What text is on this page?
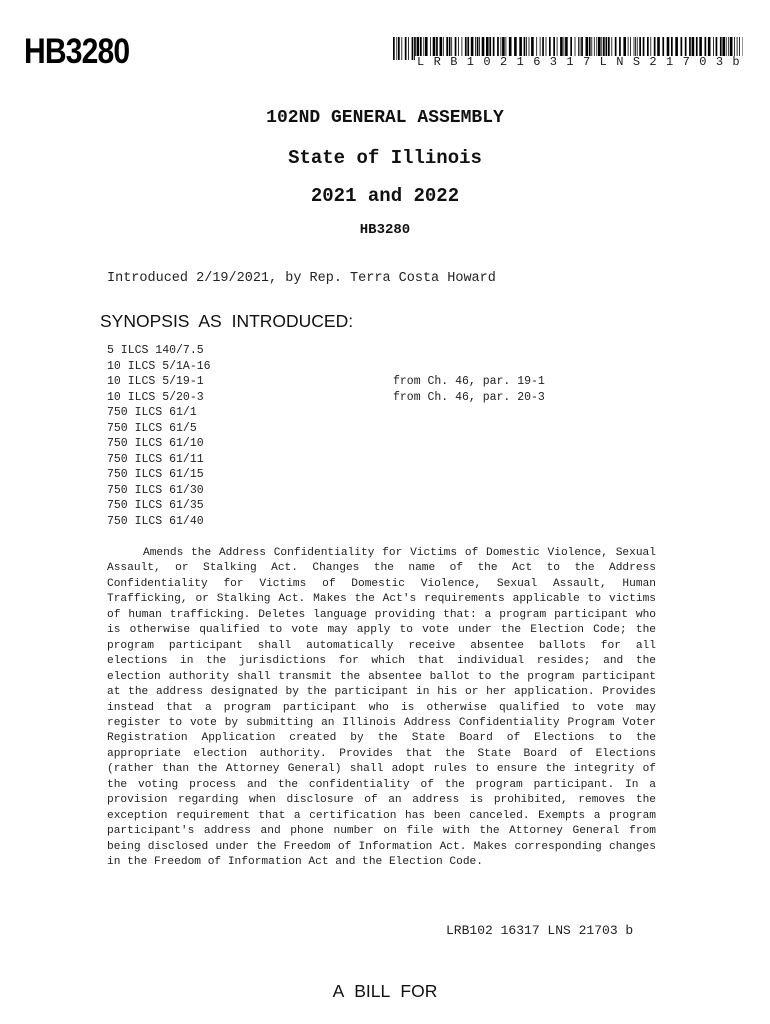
HB3280	LRB10216317LNS21703b
102ND GENERAL ASSEMBLY
State of Illinois
2021 and 2022
HB3280
Introduced 2/19/2021, by Rep. Terra Costa Howard
SYNOPSIS AS INTRODUCED:
5 ILCS 140/7.5
10 ILCS 5/1A-16
10 ILCS 5/19-1	from Ch. 46, par. 19-1
10 ILCS 5/20-3	from Ch. 46, par. 20-3
750 ILCS 61/1
750 ILCS 61/5
750 ILCS 61/10
750 ILCS 61/11
750 ILCS 61/15
750 ILCS 61/30
750 ILCS 61/35
750 ILCS 61/40

Amends the Address Confidentiality for Victims of Domestic Violence, Sexual Assault, or Stalking Act. Changes the name of the Act to the Address Confidentiality for Victims of Domestic Violence, Sexual Assault, Human Trafficking, or Stalking Act. Makes the Act's requirements applicable to victims of human trafficking. Deletes language providing that: a program participant who is otherwise qualified to vote may apply to vote under the Election Code; the program participant shall automatically receive absentee ballots for all elections in the jurisdictions for which that individual resides; and the election authority shall transmit the absentee ballot to the program participant at the address designated by the participant in his or her application. Provides instead that a program participant who is otherwise qualified to vote may register to vote by submitting an Illinois Address Confidentiality Program Voter Registration Application created by the State Board of Elections to the appropriate election authority. Provides that the State Board of Elections (rather than the Attorney General) shall adopt rules to ensure the integrity of the voting process and the confidentiality of the program participant. In a provision regarding when disclosure of an address is prohibited, removes the exception requirement that a certification has been canceled. Exempts a program participant's address and phone number on file with the Attorney General from being disclosed under the Freedom of Information Act. Makes corresponding changes in the Freedom of Information Act and the Election Code.

LRB102 16317 LNS 21703 b
A BILL FOR
